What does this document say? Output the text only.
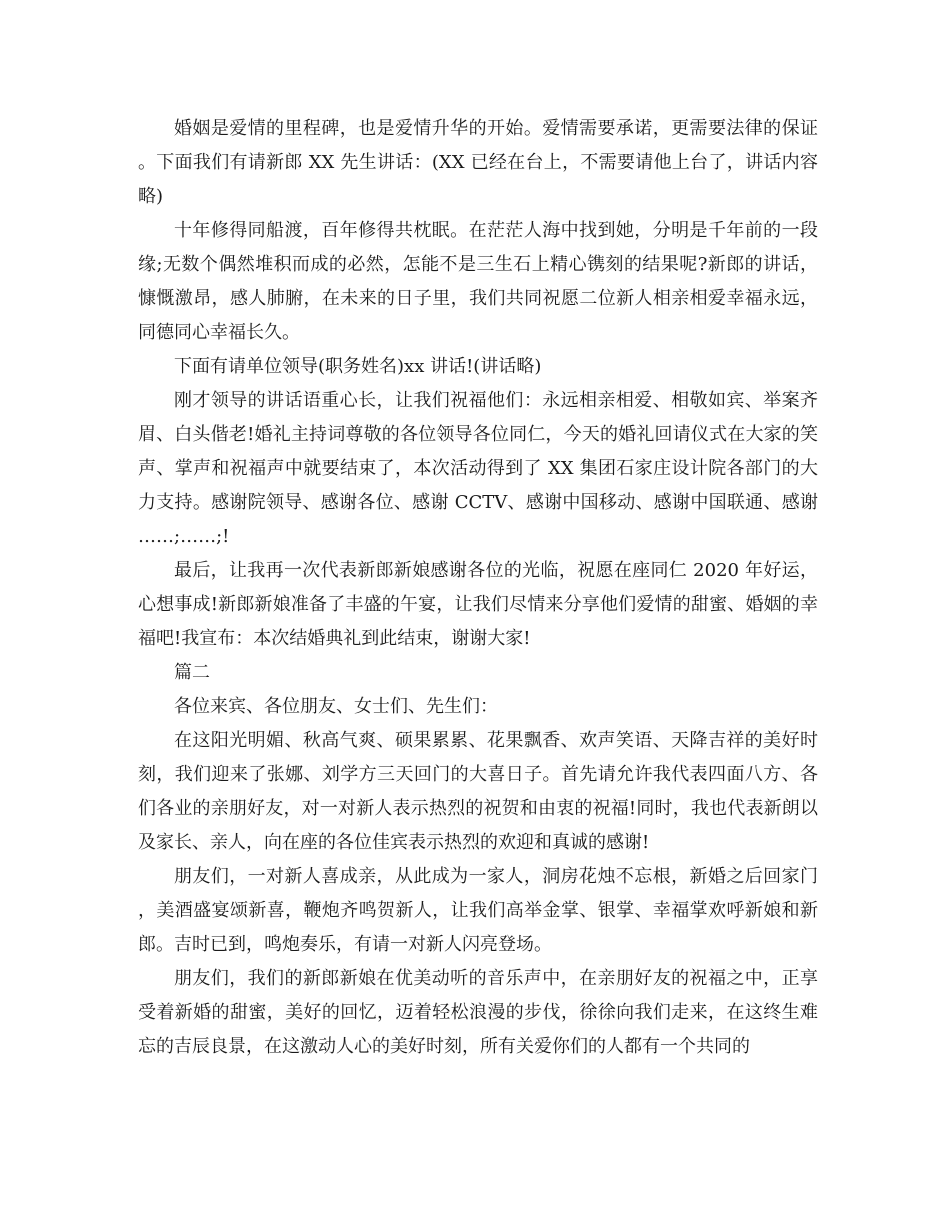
婚姻是爱情的里程碑，也是爱情升华的开始。爱情需要承诺，更需要法律的保证。下面我们有请新郎 XX 先生讲话：(XX 已经在台上，不需要请他上台了，讲话内容略)

十年修得同船渡，百年修得共枕眠。在茫茫人海中找到她，分明是千年前的一段缘;无数个偶然堆积而成的必然，怎能不是三生石上精心镌刻的结果呢?新郎的讲话，慷慨激昂，感人肺腑，在未来的日子里，我们共同祝愿二位新人相亲相爱幸福永远，同德同心幸福长久。

下面有请单位领导(职务姓名)xx 讲话!(讲话略)

刚才领导的讲话语重心长，让我们祝福他们：永远相亲相爱、相敬如宾、举案齐眉、白头偕老!婚礼主持词尊敬的各位领导各位同仁，今天的婚礼回请仪式在大家的笑声、掌声和祝福声中就要结束了，本次活动得到了 XX 集团石家庄设计院各部门的大力支持。感谢院领导、感谢各位、感谢 CCTV、感谢中国移动、感谢中国联通、感谢……;……;!

最后，让我再一次代表新郎新娘感谢各位的光临，祝愿在座同仁 2020 年好运，心想事成!新郎新娘准备了丰盛的午宴，让我们尽情来分享他们爱情的甜蜜、婚姻的幸福吧!我宣布：本次结婚典礼到此结束，谢谢大家!

篇二

各位来宾、各位朋友、女士们、先生们：

在这阳光明媚、秋高气爽、硕果累累、花果飘香、欢声笑语、天降吉祥的美好时刻，我们迎来了张娜、刘学方三天回门的大喜日子。首先请允许我代表四面八方、各们各业的亲朋好友，对一对新人表示热烈的祝贺和由衷的祝福!同时，我也代表新朗以及家长、亲人，向在座的各位佳宾表示热烈的欢迎和真诚的感谢!

朋友们，一对新人喜成亲，从此成为一家人，洞房花烛不忘根，新婚之后回家门，美酒盛宴颂新喜，鞭炮齐鸣贺新人，让我们高举金掌、银掌、幸福掌欢呼新娘和新郎。吉时已到，鸣炮奏乐，有请一对新人闪亮登场。

朋友们，我们的新郎新娘在优美动听的音乐声中，在亲朋好友的祝福之中，正享受着新婚的甜蜜，美好的回忆，迈着轻松浪漫的步伐，徐徐向我们走来，在这终生难忘的吉辰良景，在这激动人心的美好时刻，所有关爱你们的人都有一个共同的
